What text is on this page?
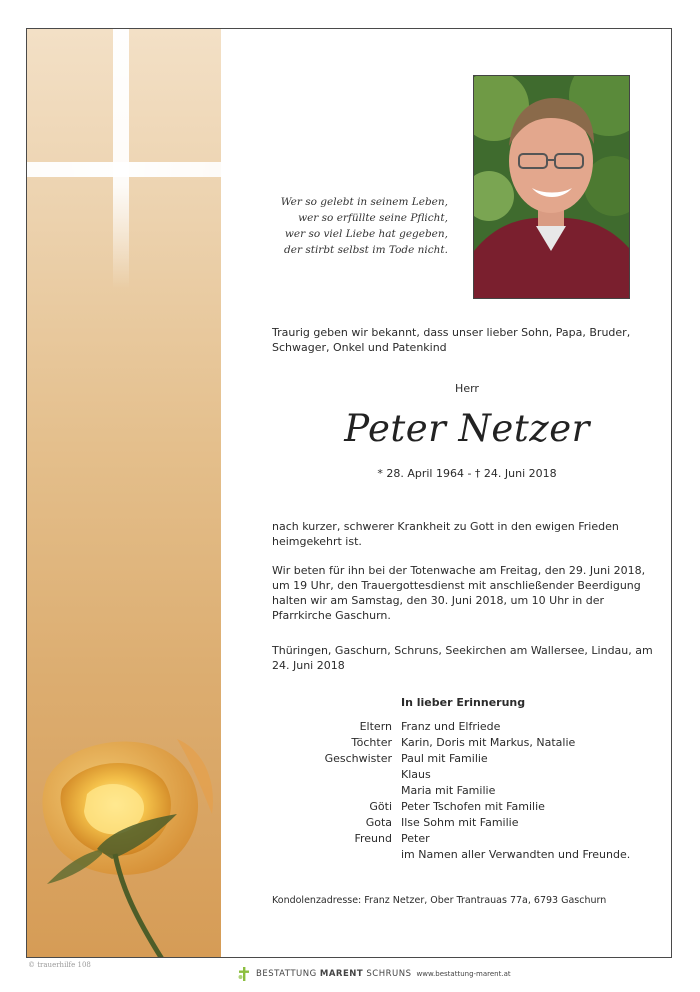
Wer so gelebt in seinem Leben,
wer so erfüllte seine Pflicht,
wer so viel Liebe hat gegeben,
der stirbt selbst im Tode nicht.
Traurig geben wir bekannt, dass unser lieber Sohn, Papa, Bruder, Schwager, Onkel und Patenkind
Herr
Peter Netzer
* 28. April 1964 - † 24. Juni 2018
nach kurzer, schwerer Krankheit zu Gott in den ewigen Frieden heimgekehrt ist.
Wir beten für ihn bei der Totenwache am Freitag, den 29. Juni 2018, um 19 Uhr, den Trauergottesdienst mit anschließender Beerdigung halten wir am Samstag, den 30. Juni 2018, um 10 Uhr in der Pfarrkirche Gaschurn.
Thüringen, Gaschurn, Schruns, Seekirchen am Wallersee, Lindau, am 24. Juni 2018
In lieber Erinnerung
Eltern Franz und Elfriede
Töchter Karin, Doris mit Markus, Natalie
Geschwister Paul mit Familie
Klaus
Maria mit Familie
Göti Peter Tschofen mit Familie
Gota Ilse Sohm mit Familie
Freund Peter
im Namen aller Verwandten und Freunde.
Kondolenzadresse: Franz Netzer, Ober Trantrauas 77a, 6793 Gaschurn
© trauerhilfe 108
BESTATTUNG MARENT SCHRUNS www.bestattung-marent.at
